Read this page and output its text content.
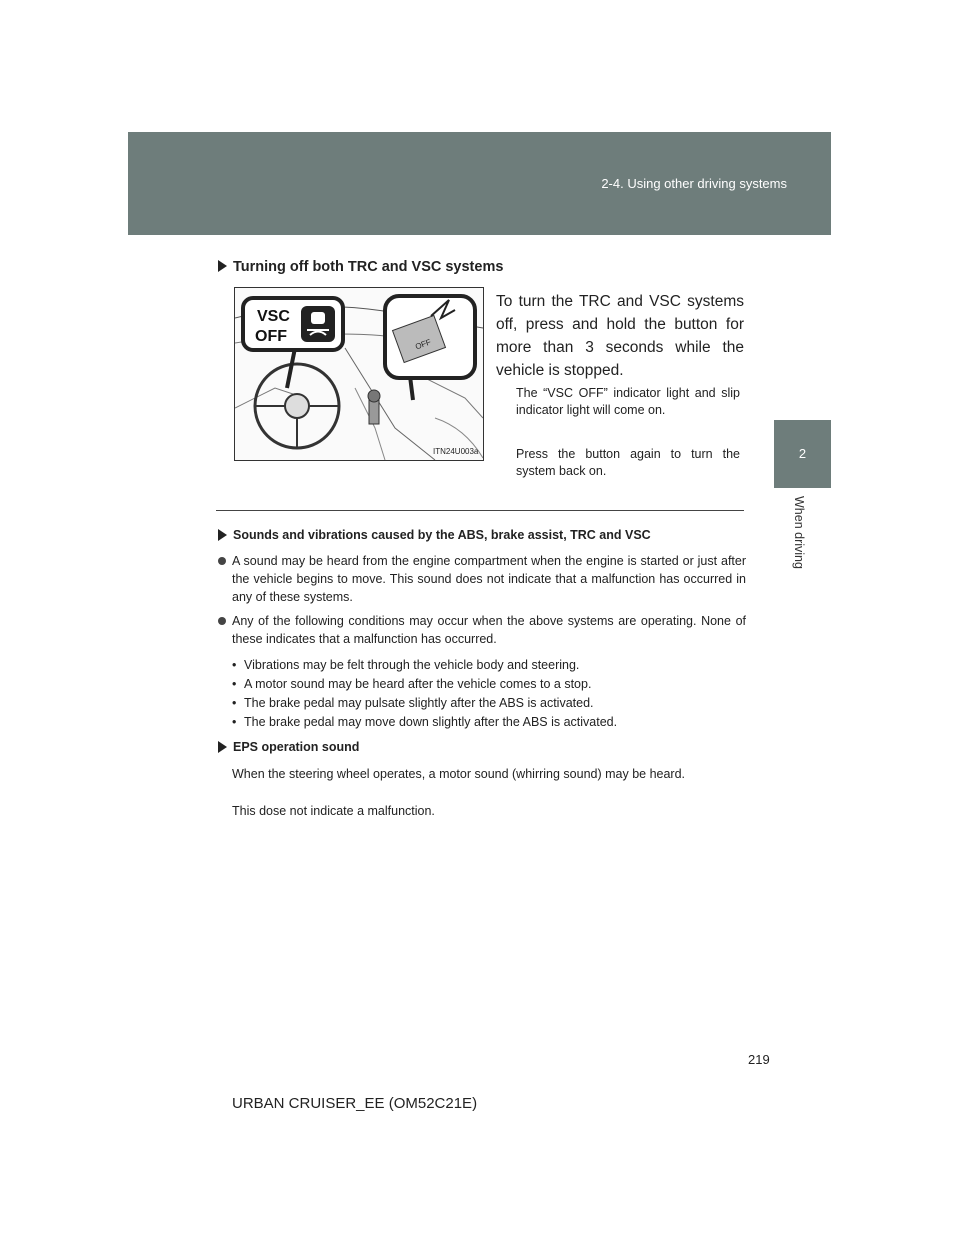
2-4. Using other driving systems
2
When driving
Turning off both TRC and VSC systems
VSC
OFF	OFF
ITN24U003a
To turn the TRC and VSC systems off, press and hold the button for more than 3 seconds while the vehicle is stopped.
The “VSC OFF” indicator light and slip indicator light will come on.
Press the button again to turn the system back on.
Sounds and vibrations caused by the ABS, brake assist, TRC and VSC
A sound may be heard from the engine compartment when the engine is started or just after the vehicle begins to move. This sound does not indicate that a malfunction has occurred in any of these systems.
Any of the following conditions may occur when the above systems are operating. None of these indicates that a malfunction has occurred.
• Vibrations may be felt through the vehicle body and steering.
• A motor sound may be heard after the vehicle comes to a stop.
• The brake pedal may pulsate slightly after the ABS is activated.
• The brake pedal may move down slightly after the ABS is activated.
EPS operation sound
When the steering wheel operates, a motor sound (whirring sound) may be heard.
This dose not indicate a malfunction.
219
URBAN CRUISER_EE (OM52C21E)
